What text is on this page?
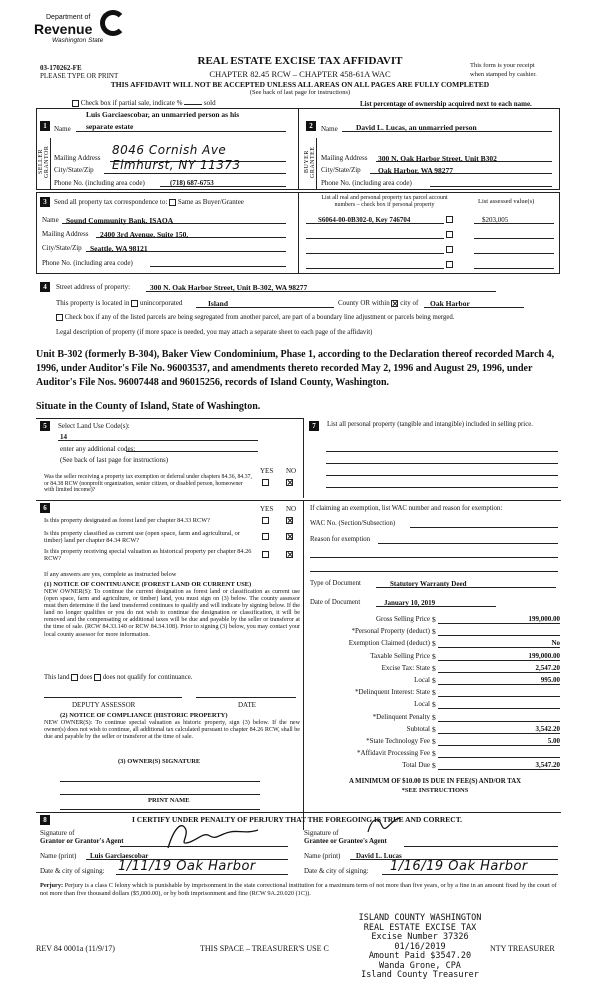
Department of
Revenue
Washington State
03-170262-FE
PLEASE TYPE OR PRINT
REAL ESTATE EXCISE TAX AFFIDAVIT
CHAPTER 82.45 RCW – CHAPTER 458-61A WAC
THIS AFFIDAVIT WILL NOT BE ACCEPTED UNLESS ALL AREAS ON ALL PAGES ARE FULLY COMPLETED
(See back of last page for instructions)
This form is your receipt
when stamped by cashier.
Check box if partial sale, indicate %	sold	List percentage of ownership acquired next to each name.
1
SELLER GRANTOR
Name
Luis Garciaescobar, an unmarried person as his
separate estate
Mailing Address
8046 Cornish Ave
City/State/Zip Elmhurst, NY 11373
Phone No. (including area code)	(718) 687-6753
2
BUYER GRANTEE
Name David L. Lucas, an unmarried person
Mailing Address 300 N. Oak Harbor Street, Unit B302
City/State/Zip Oak Harbor, WA 98277
Phone No. (including area code)
3	Send all property tax correspondence to: Same as Buyer/Grantee
Name Sound Community Bank, ISAOA
Mailing Address 2400 3rd Avenue, Suite 150,
City/State/Zip Seattle, WA 98121
Phone No. (including area code)
List all real and personal property tax parcel account
numbers – check box if personal property	List assessed value(s)
S6064-00-0B302-0, Key 746704	$203,005
4	Street address of property:	300 N. Oak Harbor Street, Unit B-302, WA 98277
This property is located in unincorporated	Island	County OR within city of Oak Harbor
Check box if any of the listed parcels are being segregated from another parcel, are part of a boundary line adjustment or parcels being merged.
Legal description of property (if more space is needed, you may attach a separate sheet to each page of the affidavit)
Unit B-302 (formerly B-304), Baker View Condominium, Phase 1, according to the Declaration thereof recorded March 4, 1996, under Auditor's File No. 96003537, and amendments thereto recorded May 2, 1996 and August 29, 1996, under Auditor's File Nos. 96007448 and 96015256, records of Island County, Washington.
Situate in the County of Island, State of Washington.
5	Select Land Use Code(s):
14
enter any additional codes:
(See back of last page for instructions)
YES NO
Was the seller receiving a property tax exemption or deferral under chapters 84.36, 84.37, or 84.38 RCW (nonprofit organization, senior citizen, or disabled person, homeowner with limited income)?
6	YES NO
Is this property designated as forest land per chapter 84.33 RCW?
Is this property classified as current use (open space, farm and agricultural, or timber) land per chapter 84.34 RCW?
Is this property receiving special valuation as historical property per chapter 84.26 RCW?
If any answers are yes, complete as instructed below
(1) NOTICE OF CONTINUANCE (FOREST LAND OR CURRENT USE)
NEW OWNER(S): To continue the current designation as forest land or classification as current use (open space, farm and agriculture, or timber) land, you must sign on (3) below. The county assessor must then determine if the land transferred continues to qualify and will indicate by signing below. If the land no longer qualifies or you do not wish to continue the designation or classification, it will be removed and the compensating or additional taxes will be due and payable by the seller or transferor at the time of sale. (RCW 84.33.140 or RCW 84.34.108). Prior to signing (3) below, you may contact your local county assessor for more information.
This land does does not qualify for continuance.
DEPUTY ASSESSOR	DATE
(2) NOTICE OF COMPLIANCE (HISTORIC PROPERTY)
NEW OWNER(S): To continue special valuation as historic property, sign (3) below. If the new owner(s) does not wish to continue, all additional tax calculated pursuant to chapter 84.26 RCW, shall be due and payable by the seller or transferor at the time of sale.
(3) OWNER(S) SIGNATURE
PRINT NAME
7	List all personal property (tangible and intangible) included in selling price.
If claiming an exemption, list WAC number and reason for exemption:
WAC No. (Section/Subsection)
Reason for exemption
Type of Document	Statutory Warranty Deed
Date of Document	January 10, 2019
Gross Selling Price $	199,000.00
*Personal Property (deduct) $
Exemption Claimed (deduct) $	No
Taxable Selling Price $	199,000.00
Excise Tax: State $	2,547.20
Local $	995.00
*Delinquent Interest: State $
Local $
*Delinquent Penalty $
Subtotal $	3,542.20
*State Technology Fee $	5.00
*Affidavit Processing Fee $
Total Due $	3,547.20
A MINIMUM OF $10.00 IS DUE IN FEE(S) AND/OR TAX
*SEE INSTRUCTIONS
8	I CERTIFY UNDER PENALTY OF PERJURY THAT THE FOREGOING IS TRUE AND CORRECT.
Signature of
Grantor or Grantor's Agent
Name (print) Luis Garciaescobar
Date & city of signing: 1/11/19 Oak Harbor
Signature of
Grantee or Grantee's Agent
Name (print) David L. Lucas
Date & city of signing: 1/16/19 Oak Harbor
Perjury: Perjury is a class C felony which is punishable by imprisonment in the state correctional institution for a maximum term of not more than five years, or by a fine in an amount fixed by the court of not more than five thousand dollars ($5,000.00), or by both imprisonment and fine (RCW 9A.20.020 (1C)).
REV 84 0001a (11/9/17)	THIS SPACE – TREASURER'S USE C	NTY TREASURER
ISLAND COUNTY WASHINGTON
REAL ESTATE EXCISE TAX
Excise Number 37326
01/16/2019
Amount Paid $3547.20
Wanda Grone, CPA
Island County Treasurer
